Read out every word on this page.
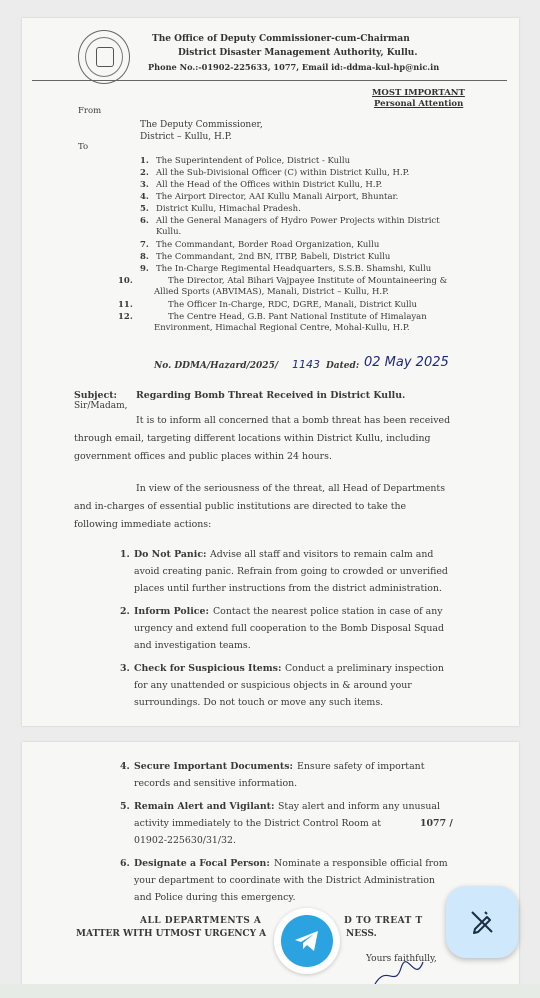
The Office of Deputy Commissioner-cum-Chairman
District Disaster Management Authority, Kullu.
Phone No.:-01902-225633, 1077, Email id:-ddma-kul-hp@nic.in
MOST IMPORTANT
Personal Attention
From
The Deputy Commissioner,
District – Kullu, H.P.
To
No. DDMA/Hazard/2025/ 1143 Dated: 02 May 2025
Subject: Regarding Bomb Threat Received in District Kullu.
Sir/Madam,
It is to inform all concerned that a bomb threat has been received
through email, targeting different locations within District Kullu, including
government offices and public places within 24 hours.
In view of the seriousness of the threat, all Head of Departments
and in-charges of essential public institutions are directed to take the
following immediate actions:
1. The Superintendent of Police, District - Kullu
2. All the Sub-Divisional Officer (C) within District Kullu, H.P.
3. All the Head of the Offices within District Kullu, H.P.
4. The Airport Director, AAI Kullu Manali Airport, Bhuntar.
5. District Kullu, Himachal Pradesh.
6. All the General Managers of Hydro Power Projects within District
Kullu.
7. The Commandant, Border Road Organization, Kullu
8. The Commandant, 2nd BN, ITBP, Babeli, District Kullu
9. The In-Charge Regimental Headquarters, S.S.B. Shamshi, Kullu
10.	The Director, Atal Bihari Vajpayee Institute of Mountaineering &
Allied Sports (ABVIMAS), Manali, District – Kullu, H.P.
11.	The Officer In-Charge, RDC, DGRE, Manali, District Kullu
12.	The Centre Head, G.B. Pant National Institute of Himalayan
Environment, Himachal Regional Centre, Mohal-Kullu, H.P.
1. Do Not Panic: Advise all staff and visitors to remain calm and
avoid creating panic. Refrain from going to crowded or unverified
places until further instructions from the district administration.
2. Inform Police: Contact the nearest police station in case of any
urgency and extend full cooperation to the Bomb Disposal Squad
and investigation teams.
3. Check for Suspicious Items: Conduct a preliminary inspection
for any unattended or suspicious objects in & around your
surroundings. Do not touch or move any such items.
ALL DEPARTMENTS A	D TO TREAT T
MATTER WITH UTMOST URGENCY A	NESS.
Yours faithfully,
4. Secure Important Documents: Ensure safety of important
records and sensitive information.
5. Remain Alert and Vigilant: Stay alert and inform any unusual
activity immediately to the District Control Room at
01902-225630/31/32.
1077 /
6. Designate a Focal Person: Nominate a responsible official from
your department to coordinate with the District Administration
and Police during this emergency.
